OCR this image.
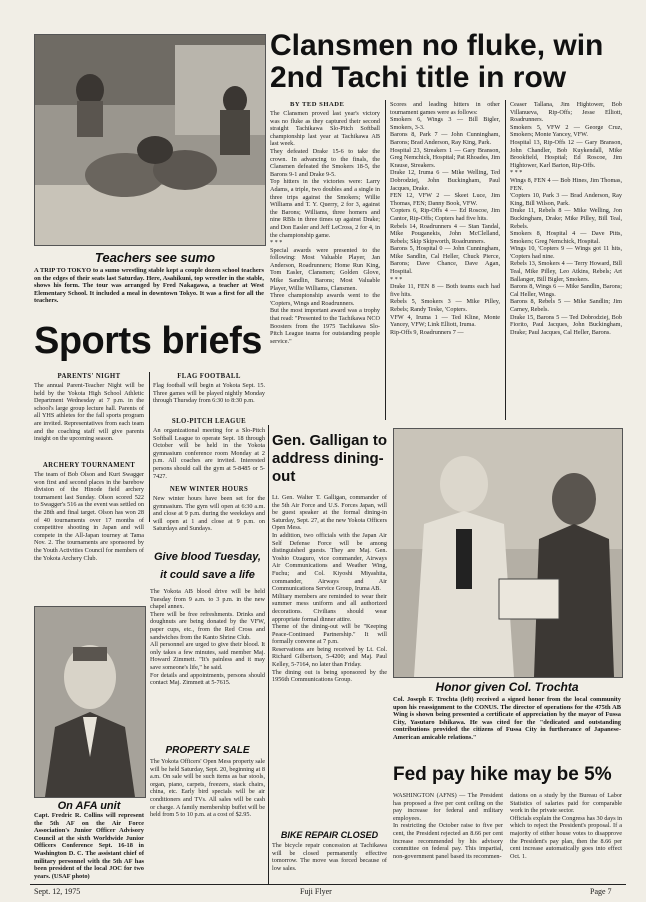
Teachers see sumo
A TRIP TO TOKYO to a sumo wrestling stable kept a couple dozen school teachers on the edges of their seats last Saturday. Here, Asahikuni, top wrestler in the stable, shows his form. The tour was arranged by Fred Nakagawa, a teacher at West Elementary School. It included a meal in downtown Tokyo. It was a first for all the teachers.
Clansmen no fluke, win 2nd Tachi title in row
BY TED SHADE
The Clansmen proved last year's victory was no fluke as they captured their second straight Tachikawa Slo-Pitch Softball championship last year at Tachikawa AB last week.
They defeated Drake 15-6 to take the crown. In advancing to the finals, the Clansmen defeated the Smokers 18-5, the Barons 9-1 and Drake 9-5.
Top hitters in the victories were: Larry Adams, a triple, two doubles and a single in three trips against the Smokers; Willie Williams and T. Y. Querry, 2 for 3, against the Barons; Williams, three homers and nine RBIs in three times up against Drake; and Don Easler and Jeff LeCross, 2 for 4, in the championship game.
* * *
Special awards were presented to the following: Most Valuable Player, Jan Anderson, Roadrunners; Home Run King, Tom Easler, Clansmen; Golden Glove, Mike Sandlin, Barons; Most Valuable Player, Willie Williams, Clansmen.
Three championship awards went to the 'Copters, Wings and Roadrunners.
But the most important award was a trophy that read: "Presented to the Tachikawa NCO Boosters from the 1975 Tachikawa Slo-Pitch League teams for outstanding people service."
Scores and leading hitters in other tournament games were as follows:
Smokers 6, Wings 3 — Bill Bigler, Smokers, 3-3.
Barons 8, Park 7 — John Cunningham, Barons; Brad Anderson, Ray King, Park.
Hospital 23, Streakers 1 — Gary Branson, Greg Nemchick, Hospital; Pat Rhoades, Jim Krause, Streakers.
Drake 12, Iruma 6 — Mike Welling, Ted Dobrodziej, John Buckingham, Paul Jacques, Drake.
FEN 12, VFW 2 — Skeet Luce, Jim Thomas, FEN; Danny Book, VFW.
'Copters 6, Rip-Offs 4 — Ed Roscoe, Jim Cantor, Rip-Offs; Copters had five hits.
Rebels 14, Roadrunners 4 — Stan Tandal, Mike Pouganekis, John McClelland, Rebels; Skip Skipworth, Roadrunners.
Barons 5, Hospital 0 — John Cunningham, Mike Sandlin, Cal Heller, Chuck Pierce, Barons; Dave Chance, Dave Agan, Hospital.
* * *
Drake 11, FEN 8 — Both teams each had five hits.
Rebels 5, Smokers 3 — Mike Pilley, Rebels; Randy Teske, 'Copters.
VFW 4, Iruma 1 — Ted Kline, Monte Yancey, VFW; Link Elliott, Iruma.
Rip-Offs 9, Roadrunners 7 —
Ceaser Tallana, Jim Hightower, Bob Villanueva, Rip-Offs; Jesse Elliott, Roadrunners.
Smokers 5, VFW 2 — George Cruz, Smokers; Monte Yancey, VFW.
Hospital 13, Rip-Offs 12 — Gary Branson, John Chandler, Bob Kuykendall, Mike Brookfield, Hospital; Ed Roscoe, Jim Hightower, Karl Barton, Rip-Offs.
* * *
Wings 8, FEN 4 — Bob Hines, Jim Thomas, FEN.
'Copters 10, Park 3 — Brad Anderson, Ray King, Bill Wilson, Park.
Drake 11, Rebels 8 — Mike Welling, Jon Buckingham, Drake; Mike Pilley, Bill Teal, Rebels.
Smokers 8, Hospital 4 — Dave Pitts, Smokers; Greg Nemchick, Hospital.
Wings 10, 'Copters 9 — Wings got 11 hits, 'Copters had nine.
Rebels 13, Smokers 4 — Terry Howard, Bill Teal, Mike Pilley, Leo Atkins, Rebels; Art Ballanger, Bill Bigler, Smokers.
Barons 8, Wings 6 — Mike Sandlin, Barons; Cal Heller, Wings.
Barons 8, Rebels 5 — Mike Sandlin; Jim Carney, Rebels.
Drake 15, Barons 5 — Ted Dobrodziej, Bob Fiorito, Paul Jacques, John Buckingham, Drake; Paul Jacques, Cal Heller, Barons.
Sports briefs
PARENTS' NIGHT
The annual Parent-Teacher Night will be held by the Yokota High School Athletic Department Wednesday at 7 p.m. in the school's large group lecture hall. Parents of all YHS athletes for the fall sports program are invited. Representatives from each team and the coaching staff will give parents insight on the upcoming season.
ARCHERY TOURNAMENT
The team of Bob Olson and Kurt Swagger won first and second places in the barebow division of the Hinode field archery tournament last Sunday. Olson scored 522 to Swagger's 516 as the event was settled on the 28th and final target. Olson has won 28 of 40 tournaments over 17 months of competitive shooting in Japan and will compete in the All-Japan tourney at Tama Nov. 2. The tournaments are sponsored by the Youth Activities Council for members of the Yokota Archery Club.
FLAG FOOTBALL
Flag football will begin at Yokota Sept. 15. Three games will be played nightly Monday through Thursday from 6:30 to 8:30 p.m.
SLO-PITCH LEAGUE
An organizational meeting for a Slo-Pitch Softball League to operate Sept. 18 through October will be held in the Yokota gymnasium conference room Monday at 2 p.m. All coaches are invited. Interested persons should call the gym at 5-8485 or 5-7427.
NEW WINTER HOURS
New winter hours have been set for the gymnasium. The gym will open at 6:30 a.m. and close at 9 p.m. during the weekdays and will open at 1 and close at 9 p.m. on Saturdays and Sundays.
On AFA unit
Capt. Fredric R. Collins will represent the 5th AF on the Air Force Association's Junior Officer Advisory Council at the sixth Worldwide Junior Officers Conference Sept. 16-18 in Washington D. C. The assistant chief of military personnel with the 5th AF has been president of the local JOC for two years. (USAF photo)
Give blood Tuesday, it could save a life
The Yokota AB blood drive will be held Tuesday from 9 a.m. to 3 p.m. in the new chapel annex.
There will be free refreshments. Drinks and doughnuts are being donated by the VFW, paper cups, etc., from the Red Cross and sandwiches from the Kanto Shrine Club.
All personnel are urged to give their blood. It only takes a few minutes, said member Maj. Howard Zimmett. "It's painless and it may save someone's life," he said.
For details and appointments, persons should contact Maj. Zimmett at 5-7615.
PROPERTY SALE
The Yokota Officers' Open Mess property sale will be held Saturday, Sept. 20, beginning at 8 a.m. On sale will be such items as bar stools, organ, piano, carpets, freezers, stack chairs, china, etc. Early bird specials will be air conditioners and TVs. All sales will be cash or charge. A family membership buffet will be held from 5 to 10 p.m. at a cost of $2.95.
Gen. Galligan to address dining-out
Lt. Gen. Walter T. Galligan, commander of the 5th Air Force and U.S. Forces Japan, will be guest speaker at the formal dining-in Saturday, Sept. 27, at the new Yokota Officers Open Mess.
In addition, two officials with the Japan Air Self Defense Force will be among distinguished guests. They are Maj. Gen. Yoshio Ozaguro, vice commander, Airways Air Communications and Weather Wing, Fuchu; and Col. Kiyoshi Miyashita, commander, Airways and Air Communications Service Group, Iruma AB.
Military members are reminded to wear their summer mess uniform and all authorized decorations. Civilians should wear appropriate formal dinner attire.
Theme of the dining-out will be "Keeping Peace-Continued Partnership." It will formally convene at 7 p.m.
Reservations are being received by Lt. Col. Richard Gilbertson, 5-4200; and Maj. Paul Kelley, 5-7164, no later than Friday.
The dining out is being sponsored by the 1956th Communications Group.
BIKE REPAIR CLOSED
The bicycle repair concession at Tachikawa will be closed permanently effective tomorrow. The move was forced because of low sales.
Honor given Col. Trochta
Col. Joseph F. Trochta (left) received a signed honor from the local community upon his reassignment to the CONUS. The director of operations for the 475th AB Wing is shown being presented a certificate of appreciation by the mayor of Fussa City, Yasutaro Ishikawa. He was cited for the "dedicated and outstanding contributions provided the citizens of Fussa City in furtherance of Japanese-American amicable relations."
Fed pay hike may be 5%
WASHINGTON (AFNS) — The President has proposed a five per cent ceiling on the pay increase for federal and military employees.
In restricting the October raise to five per cent, the President rejected an 8.66 per cent increase recommended by his advisory committee on federal pay. This impartial, non-government panel based its recommen-
dations on a study by the Bureau of Labor Statistics of salaries paid for comparable work in the private sector.
Officials explain the Congress has 30 days in which to reject the President's proposal. If a majority of either house votes to disapprove the President's pay plan, then the 8.66 per cent increase automatically goes into effect Oct. 1.
Sept. 12, 1975	Fuji Flyer	Page 7
